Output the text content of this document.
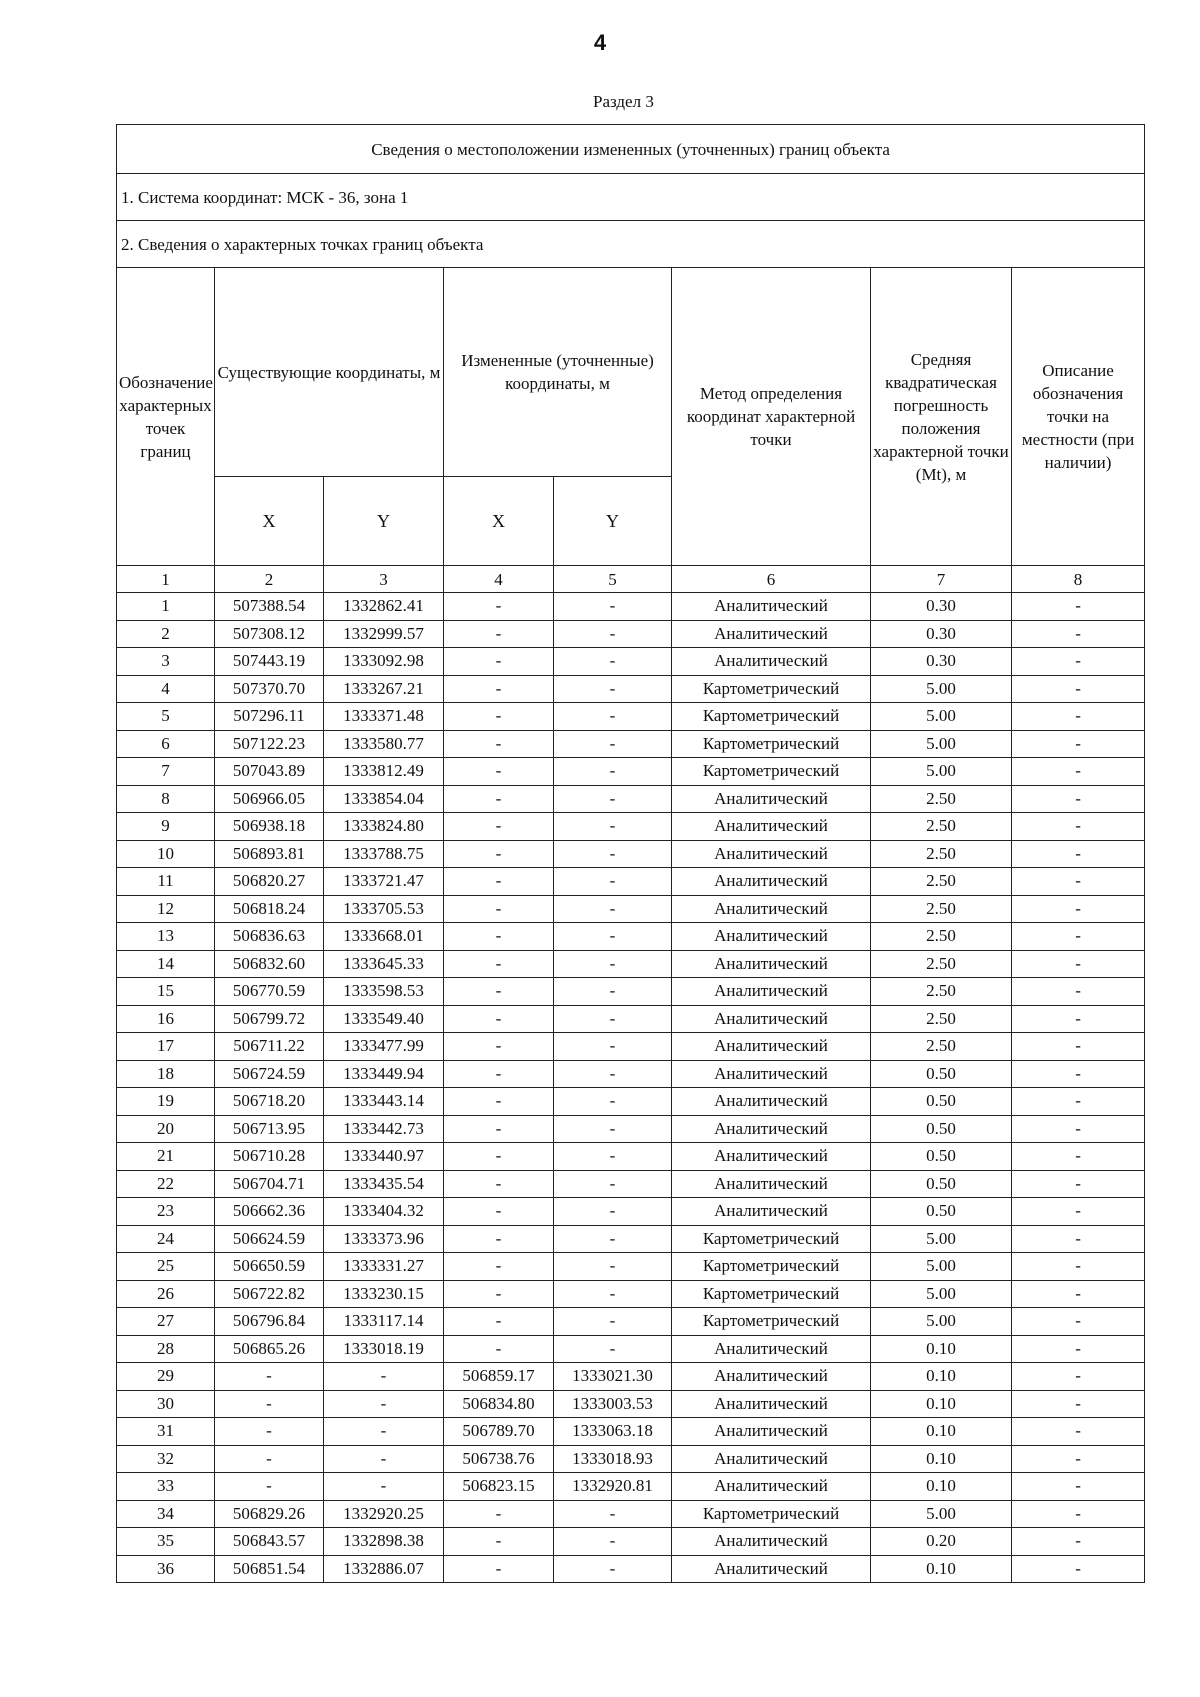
4
Раздел 3
Сведения о местоположении измененных (уточненных) границ объекта							
1. Система координат: МСК - 36, зона 1							
2. Сведения о характерных точках границ объекта							
Обозначение характерных точек границ	Существующие координаты, м		Измененные (уточненные) координаты, м		Метод определения координат характерной точки	Средняя квадратическая погрешность положения характерной точки (Mt), м	Описание обозначения точки на местности (при наличии)
	X	Y	X	Y			
1	2	3	4	5	6	7	8
1	507388.54	1332862.41	-	-	Аналитический	0.30	-
2	507308.12	1332999.57	-	-	Аналитический	0.30	-
3	507443.19	1333092.98	-	-	Аналитический	0.30	-
4	507370.70	1333267.21	-	-	Картометрический	5.00	-
5	507296.11	1333371.48	-	-	Картометрический	5.00	-
6	507122.23	1333580.77	-	-	Картометрический	5.00	-
7	507043.89	1333812.49	-	-	Картометрический	5.00	-
8	506966.05	1333854.04	-	-	Аналитический	2.50	-
9	506938.18	1333824.80	-	-	Аналитический	2.50	-
10	506893.81	1333788.75	-	-	Аналитический	2.50	-
11	506820.27	1333721.47	-	-	Аналитический	2.50	-
12	506818.24	1333705.53	-	-	Аналитический	2.50	-
13	506836.63	1333668.01	-	-	Аналитический	2.50	-
14	506832.60	1333645.33	-	-	Аналитический	2.50	-
15	506770.59	1333598.53	-	-	Аналитический	2.50	-
16	506799.72	1333549.40	-	-	Аналитический	2.50	-
17	506711.22	1333477.99	-	-	Аналитический	2.50	-
18	506724.59	1333449.94	-	-	Аналитический	0.50	-
19	506718.20	1333443.14	-	-	Аналитический	0.50	-
20	506713.95	1333442.73	-	-	Аналитический	0.50	-
21	506710.28	1333440.97	-	-	Аналитический	0.50	-
22	506704.71	1333435.54	-	-	Аналитический	0.50	-
23	506662.36	1333404.32	-	-	Аналитический	0.50	-
24	506624.59	1333373.96	-	-	Картометрический	5.00	-
25	506650.59	1333331.27	-	-	Картометрический	5.00	-
26	506722.82	1333230.15	-	-	Картометрический	5.00	-
27	506796.84	1333117.14	-	-	Картометрический	5.00	-
28	506865.26	1333018.19	-	-	Аналитический	0.10	-
29	-	-	506859.17	1333021.30	Аналитический	0.10	-
30	-	-	506834.80	1333003.53	Аналитический	0.10	-
31	-	-	506789.70	1333063.18	Аналитический	0.10	-
32	-	-	506738.76	1333018.93	Аналитический	0.10	-
33	-	-	506823.15	1332920.81	Аналитический	0.10	-
34	506829.26	1332920.25	-	-	Картометрический	5.00	-
35	506843.57	1332898.38	-	-	Аналитический	0.20	-
36	506851.54	1332886.07	-	-	Аналитический	0.10	-
